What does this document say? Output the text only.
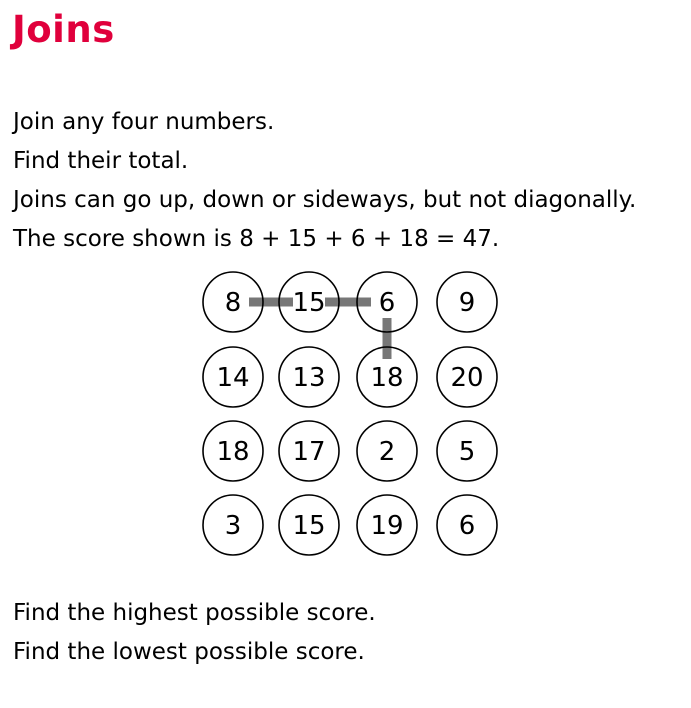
Joins
Join any four numbers.
Find their total.
Joins can go up, down or sideways, but not diagonally.
The score shown is 8 + 15 + 6 + 18 = 47.
8 15 6 9
14 13 18 20
18 17 2 5
3 15 19 6
Find the highest possible score.
Find the lowest possible score.
